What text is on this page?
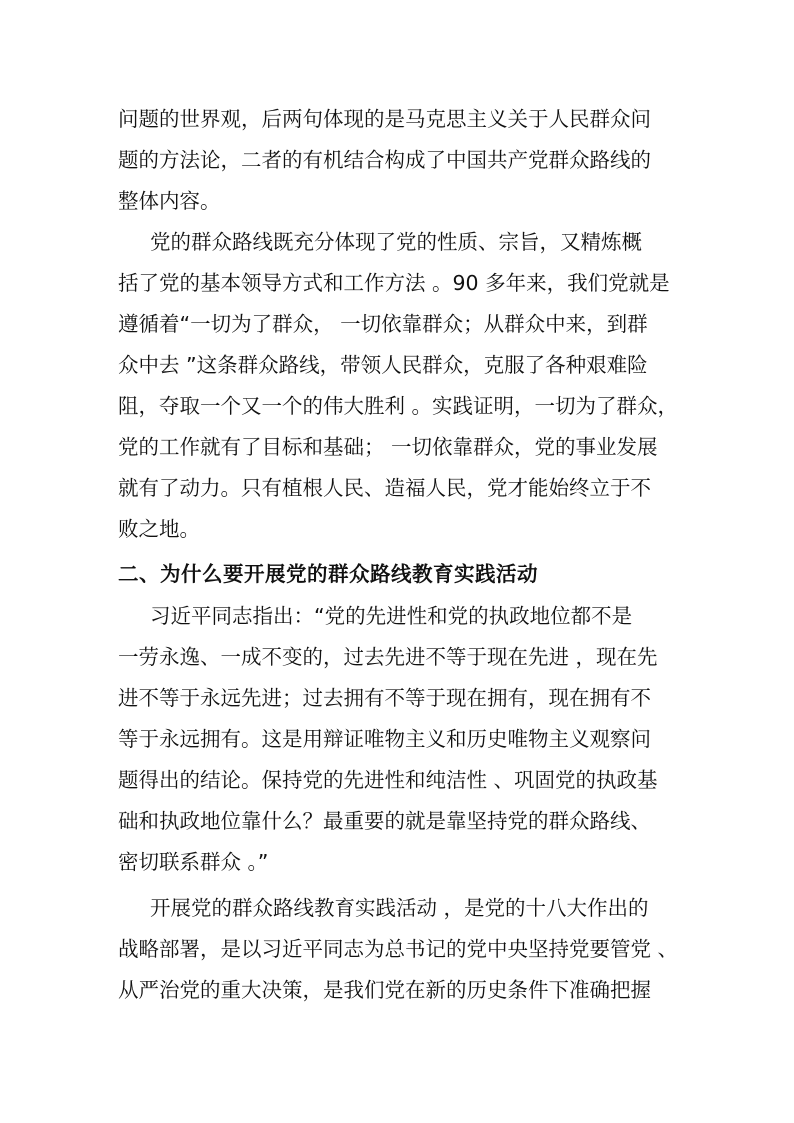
问题的世界观，后两句体现的是马克思主义关于人民群众问
题的方法论，二者的有机结合构成了中国共产党群众路线的
整体内容。
党的群众路线既充分体现了党的性质、宗旨，又精炼概
括了党的基本领导方式和工作方法 。90 多年来，我们党就是
遵循着“一切为了群众， 一切依靠群众；从群众中来，到群
众中去 ”这条群众路线，带领人民群众，克服了各种艰难险
阻，夺取一个又一个的伟大胜利 。实践证明，一切为了群众，
党的工作就有了目标和基础； 一切依靠群众，党的事业发展
就有了动力。只有植根人民、造福人民，党才能始终立于不
败之地。
二、为什么要开展党的群众路线教育实践活动
习近平同志指出：“党的先进性和党的执政地位都不是
一劳永逸、一成不变的，过去先进不等于现在先进 ，现在先
进不等于永远先进；过去拥有不等于现在拥有，现在拥有不
等于永远拥有。这是用辩证唯物主义和历史唯物主义观察问
题得出的结论。保持党的先进性和纯洁性 、巩固党的执政基
础和执政地位靠什么？最重要的就是靠坚持党的群众路线、
密切联系群众 。”
开展党的群众路线教育实践活动 ，是党的十八大作出的
战略部署，是以习近平同志为总书记的党中央坚持党要管党 、
从严治党的重大决策，是我们党在新的历史条件下准确把握
